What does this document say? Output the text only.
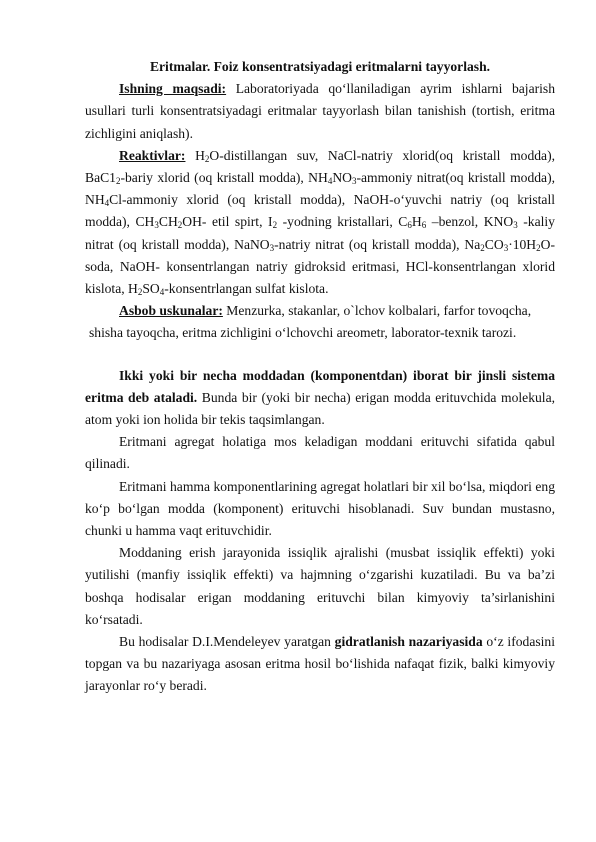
Eritmalar. Foiz konsentratsiyadagi eritmalarni tayyorlash.

Ishning maqsadi: Laboratoriyada qo‘llaniladigan ayrim ishlarni bajarish usullari turli konsentratsiyadagi eritmalar tayyorlash bilan tanishish (tortish, eritma zichligini aniqlash).

Reaktivlar: $H_2O$-distillangan suv, NaCl-natriy xlorid(oq kristall modda), $BaC1_2$-bariy xlorid (oq kristall modda), $NH_4NO_3$-ammoniy nitrat(oq kristall modda), $NH_4Cl$-ammoniy xlorid (oq kristall modda), NaOH-o‘yuvchi natriy (oq kristall modda), $CH_3CH_2OH-$ etil spirt, $I_2$ -yodning kristallari, $C_6H_6$ –benzol, $KNO_3$ -kaliy nitrat (oq kristall modda), NaNO$_3$-natriy nitrat (oq kristall modda), $Na_2CO_3\cdot 10H_2O$-soda, NaOH- konsentrlangan natriy gidroksid eritmasi, HCl-konsentrlangan xlorid kislota, $H_2SO_4$-konsentrlangan sulfat kislota.

Asbob uskunalar: Menzurka, stakanlar, o`lchov kolbalari, farfor tovoqcha,

shisha tayoqcha, eritma zichligini o‘lchovchi areometr, laborator-texnik tarozi.

Ikki yoki bir necha moddadan (komponentdan) iborat bir jinsli sistema eritma deb ataladi. Bunda bir (yoki bir necha) erigan modda erituvchida molekula, atom yoki ion holida bir tekis taqsimlangan.

Eritmani agregat holatiga mos keladigan moddani erituvchi sifatida qabul qilinadi.

Eritmani hamma komponentlarining agregat holatlari bir xil bo‘lsa, miqdori eng ko‘p bo‘lgan modda (komponent) erituvchi hisoblanadi. Suv bundan mustasno, chunki u hamma vaqt erituvchidir.

Moddaning erish jarayonida issiqlik ajralishi (musbat issiqlik effekti) yoki yutilishi (manfiy issiqlik effekti) va hajmning o‘zgarishi kuzatiladi. Bu va ba’zi boshqa hodisalar erigan moddaning erituvchi bilan kimyoviy ta’sirlanishini ko‘rsatadi.

Bu hodisalar D.I.Mendeleyev yaratgan gidratlanish nazariyasida o‘z ifodasini topgan va bu nazariyaga asosan eritma hosil bo‘lishida nafaqat fizik, balki kimyoviy jarayonlar ro‘y beradi.
